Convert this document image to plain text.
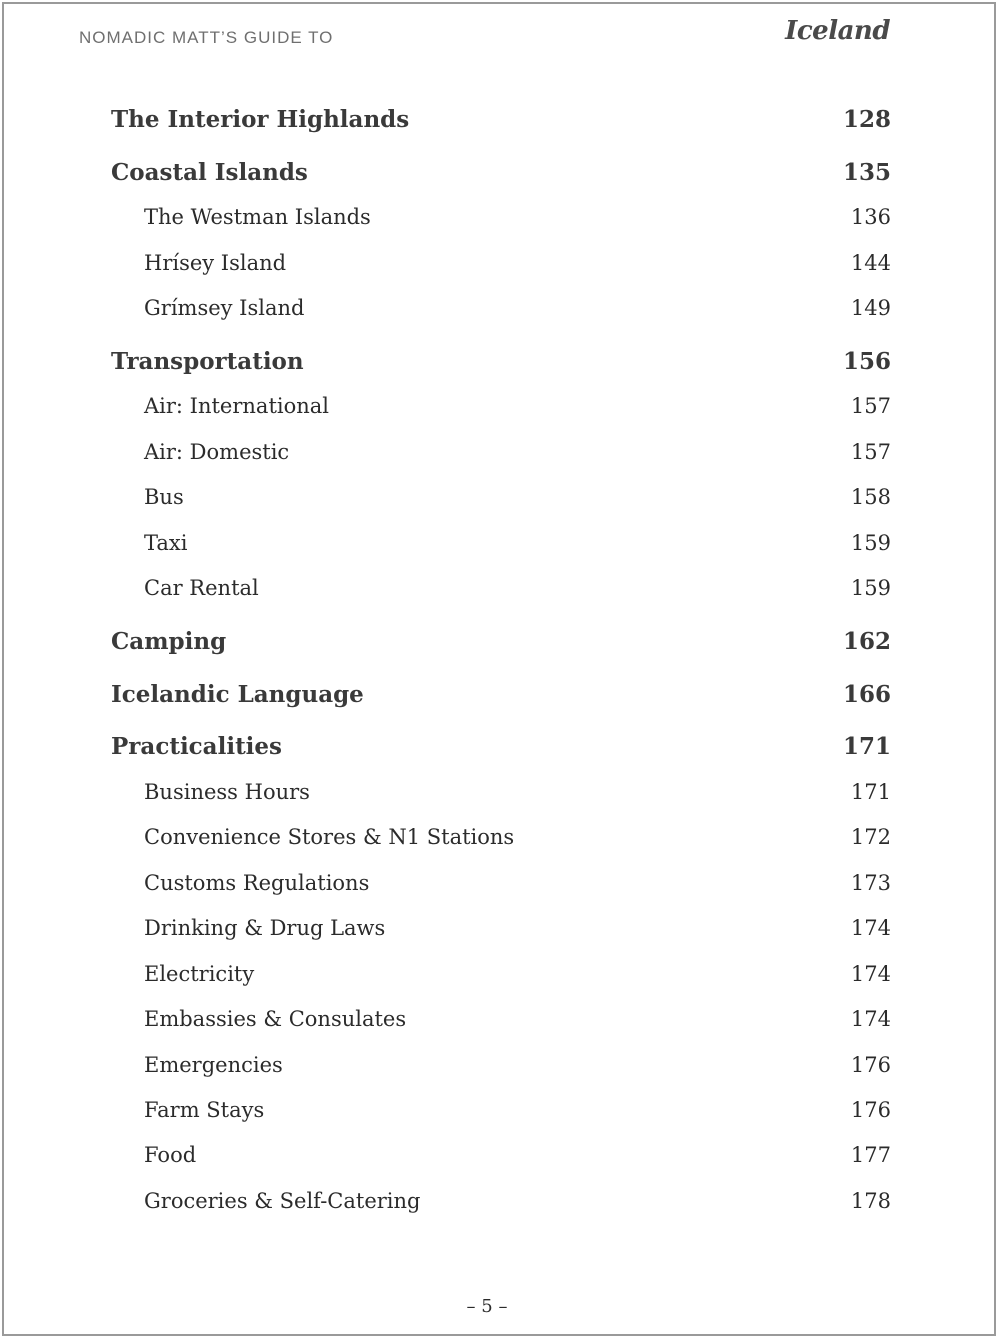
NOMADIC MATT’S GUIDE TO	Iceland
The Interior Highlands	128
Coastal Islands	135
The Westman Islands	136
Hrísey Island	144
Grímsey Island	149
Transportation	156
Air: International	157
Air: Domestic	157
Bus	158
Taxi	159
Car Rental	159
Camping	162
Icelandic Language	166
Practicalities	171
Business Hours	171
Convenience Stores & N1 Stations	172
Customs Regulations	173
Drinking & Drug Laws	174
Electricity	174
Embassies & Consulates	174
Emergencies	176
Farm Stays	176
Food	177
Groceries & Self-Catering	178
– 5 –
